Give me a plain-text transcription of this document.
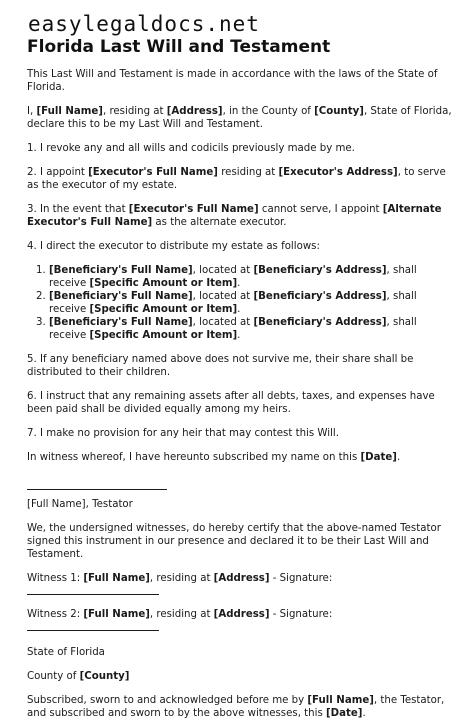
easylegaldocs.net
Florida Last Will and Testament
This Last Will and Testament is made in accordance with the laws of the State of Florida.
I, [Full Name], residing at [Address], in the County of [County], State of Florida, declare this to be my Last Will and Testament.
1. I revoke any and all wills and codicils previously made by me.
2. I appoint [Executor's Full Name] residing at [Executor's Address], to serve as the executor of my estate.
3. In the event that [Executor's Full Name] cannot serve, I appoint [Alternate Executor's Full Name] as the alternate executor.
4. I direct the executor to distribute my estate as follows:
1. [Beneficiary's Full Name], located at [Beneficiary's Address], shall receive [Specific Amount or Item].
2. [Beneficiary's Full Name], located at [Beneficiary's Address], shall receive [Specific Amount or Item].
3. [Beneficiary's Full Name], located at [Beneficiary's Address], shall receive [Specific Amount or Item].
5. If any beneficiary named above does not survive me, their share shall be distributed to their children.
6. I instruct that any remaining assets after all debts, taxes, and expenses have been paid shall be divided equally among my heirs.
7. I make no provision for any heir that may contest this Will.
In witness whereof, I have hereunto subscribed my name on this [Date].
[Full Name], Testator
We, the undersigned witnesses, do hereby certify that the above-named Testator signed this instrument in our presence and declared it to be their Last Will and Testament.
Witness 1: [Full Name], residing at [Address] - Signature:
Witness 2: [Full Name], residing at [Address] - Signature:
State of Florida
County of [County]
Subscribed, sworn to and acknowledged before me by [Full Name], the Testator, and subscribed and sworn to by the above witnesses, this [Date].
